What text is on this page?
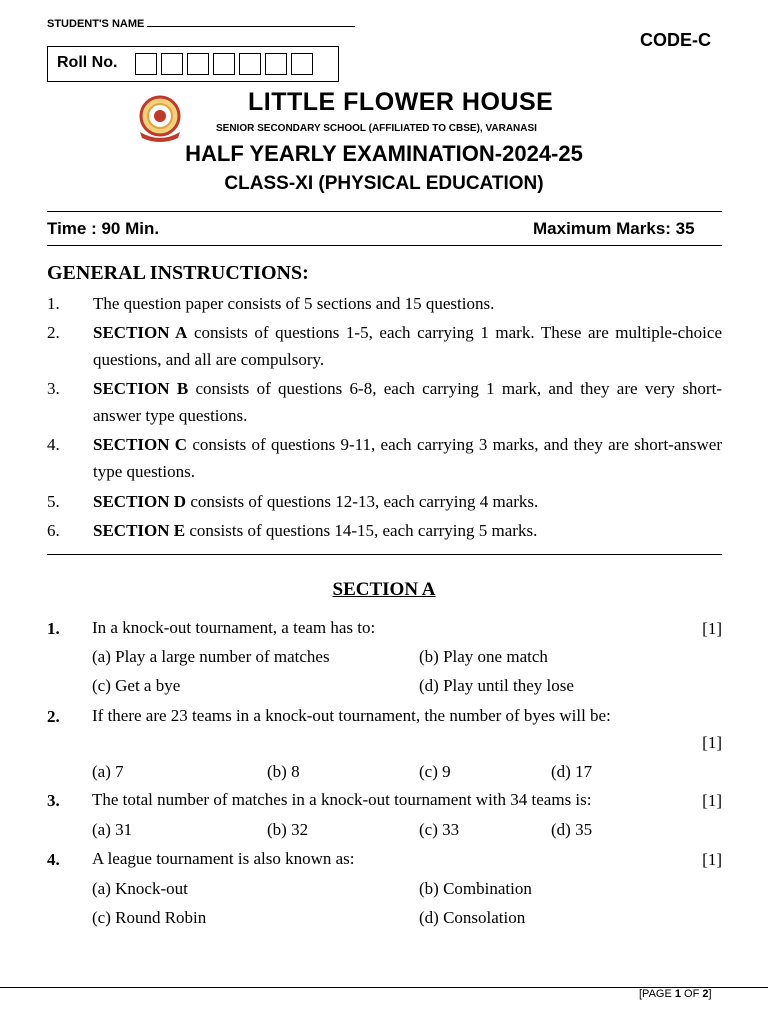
STUDENT'S NAME
CODE-C
Roll No.
LITTLE FLOWER HOUSE
SENIOR SECONDARY SCHOOL (AFFILIATED TO CBSE), VARANASI
HALF YEARLY EXAMINATION-2024-25
CLASS-XI (PHYSICAL EDUCATION)
Time : 90 Min.	Maximum Marks: 35
GENERAL INSTRUCTIONS:
1. The question paper consists of 5 sections and 15 questions.
2. SECTION A consists of questions 1-5, each carrying 1 mark. These are multiple-choice questions, and all are compulsory.
3. SECTION B consists of questions 6-8, each carrying 1 mark, and they are very short-answer type questions.
4. SECTION C consists of questions 9-11, each carrying 3 marks, and they are short-answer type questions.
5. SECTION D consists of questions 12-13, each carrying 4 marks.
6. SECTION E consists of questions 14-15, each carrying 5 marks.
SECTION A
1. In a knock-out tournament, a team has to:	[1]
(a) Play a large number of matches	(b) Play one match
(c) Get a bye	(d) Play until they lose
2. If there are 23 teams in a knock-out tournament, the number of byes will be:
[1]
(a) 7	(b) 8	(c) 9	(d) 17
3. The total number of matches in a knock-out tournament with 34 teams is:	[1]
(a) 31	(b) 32	(c) 33	(d) 35
4. A league tournament is also known as:	[1]
(a) Knock-out	(b) Combination
(c) Round Robin	(d) Consolation
[PAGE 1 OF 2]
